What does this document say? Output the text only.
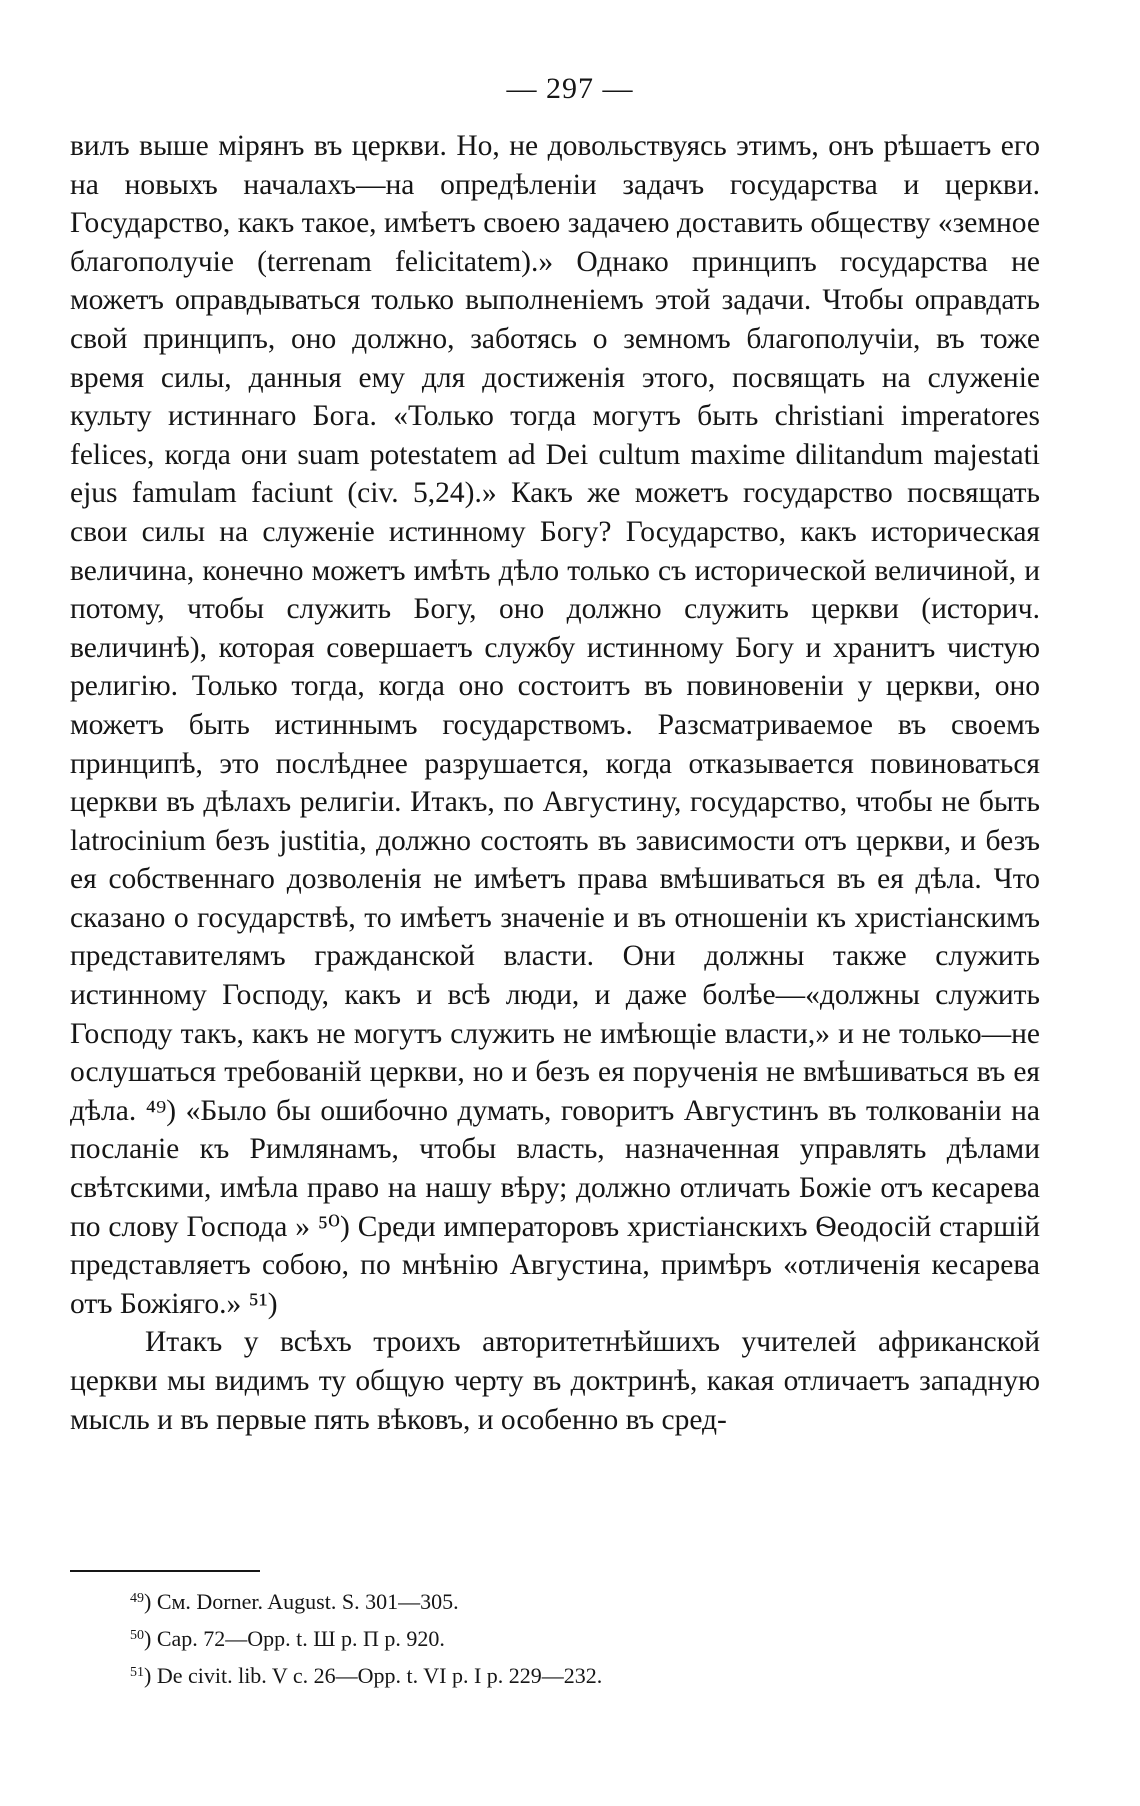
— 297 —

вилъ выше мірянъ въ церкви. Но, не довольствуясь этимъ, онъ рѣшаетъ его на новыхъ началахъ—на опредѣленіи задачъ государства и церкви. Государство, какъ такое, имѣетъ своею задачею доставить обществу «земное благополучіе (terrenam felicitatem).» Однако принципъ государства не можетъ оправдываться только выполненіемъ этой задачи. Чтобы оправдать свой принципъ, оно должно, заботясь о земномъ благополучіи, въ тоже время силы, данныя ему для достиженія этого, посвящать на служеніе культу истиннаго Бога. «Только тогда могутъ быть christiani imperatores felices, когда они suam potestatem ad Dei cultum maxime dilitandum majestati ejus famulam faciunt (civ. 5,24).» Какъ же можетъ государство посвящать свои силы на служеніе истинному Богу? Государство, какъ историческая величина, конечно можетъ имѣть дѣло только съ исторической величиной, и потому, чтобы служить Богу, оно должно служить церкви (историч. величинѣ), которая совершаетъ службу истинному Богу и хранитъ чистую религію. Только тогда, когда оно состоитъ въ повиновеніи у церкви, оно можетъ быть истиннымъ государствомъ. Разсматриваемое въ своемъ принципѣ, это послѣднее разрушается, когда отказывается повиноваться церкви въ дѣлахъ религіи. Итакъ, по Августину, государство, чтобы не быть latrocinium безъ justitia, должно состоять въ зависимости отъ церкви, и безъ ея собственнаго дозволенія не имѣетъ права вмѣшиваться въ ея дѣла. Что сказано о государствѣ, то имѣетъ значеніе и въ отношеніи къ христіанскимъ представителямъ гражданской власти. Они должны также служить истинному Господу, какъ и всѣ люди, и даже болѣе—«должны служить Господу такъ, какъ не могутъ служить не имѣющіе власти,» и не только—не ослушаться требованій церкви, но и безъ ея порученія не вмѣшиваться въ ея дѣла. ⁴⁹) «Было бы ошибочно думать, говоритъ Августинъ въ толкованіи на посланіе къ Римлянамъ, чтобы власть, назначенная управлять дѣлами свѣтскими, имѣла право на нашу вѣру; должно отличать Божіе отъ кесарева по слову Господа » ⁵⁰) Среди императоровъ христіанскихъ Ѳеодосій старшій представляетъ собою, по мнѣнію Августина, примѣръ «отличенія кесарева отъ Божіяго.» ⁵¹)

Итакъ у всѣхъ троихъ авторитетнѣйшихъ учителей африканской церкви мы видимъ ту общую черту въ доктринѣ, какая отличаетъ западную мысль и въ первые пять вѣковъ, и особенно въ сред-

$^{49}$) См. Dorner. August. S. 301—305.
$^{50}$) Cap. 72—Opp. t. Ш p. П p. 920.
$^{51}$) De civit. lib. V c. 26—Opp. t. VI p. I p. 229—232.
